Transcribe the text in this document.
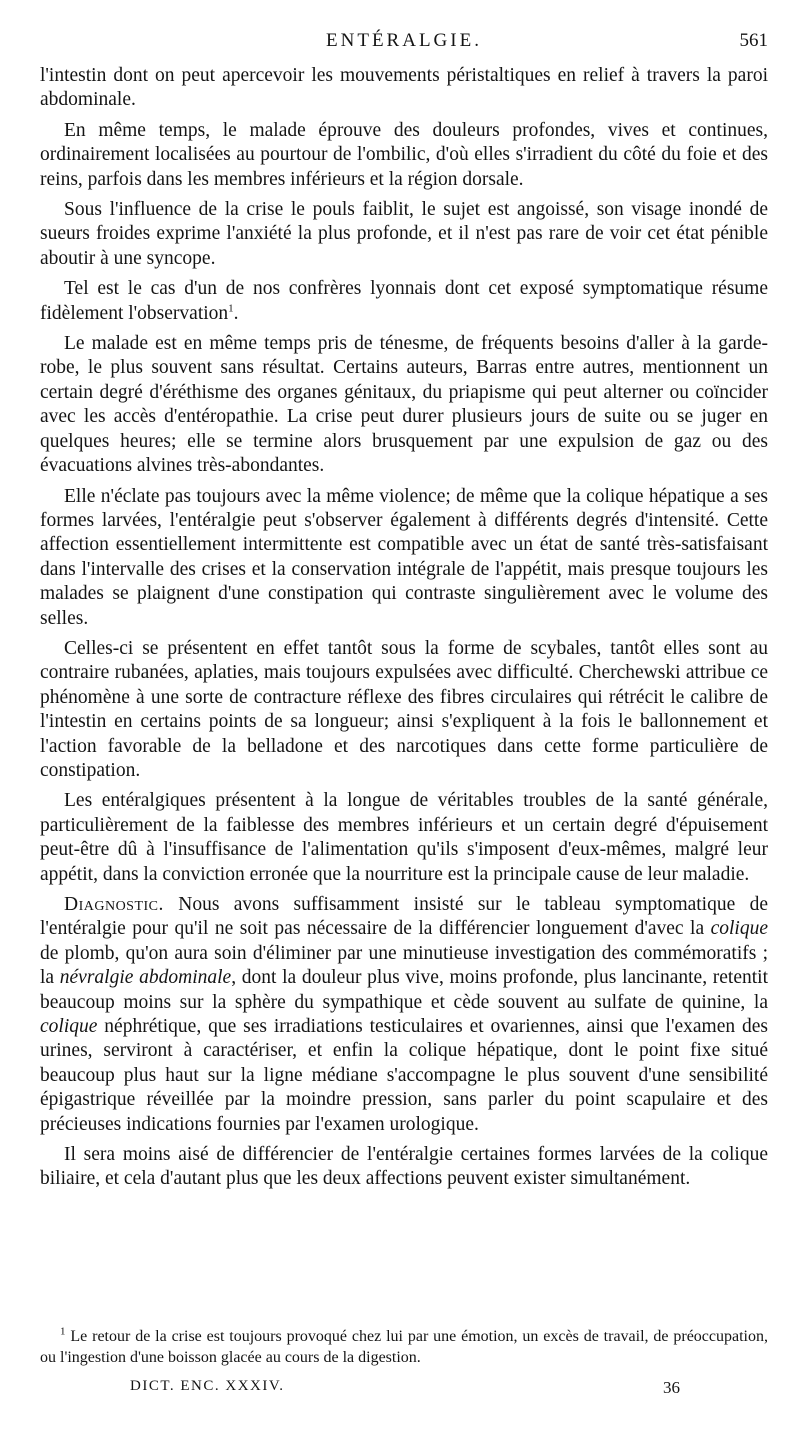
ENTÉRALGIE.	561

l'intestin dont on peut apercevoir les mouvements péristaltiques en relief à travers la paroi abdominale.

En même temps, le malade éprouve des douleurs profondes, vives et continues, ordinairement localisées au pourtour de l'ombilic, d'où elles s'irradient du côté du foie et des reins, parfois dans les membres inférieurs et la région dorsale.

Sous l'influence de la crise le pouls faiblit, le sujet est angoissé, son visage inondé de sueurs froides exprime l'anxiété la plus profonde, et il n'est pas rare de voir cet état pénible aboutir à une syncope.

Tel est le cas d'un de nos confrères lyonnais dont cet exposé symptomatique résume fidèlement l'observation$^1$.

Le malade est en même temps pris de ténesme, de fréquents besoins d'aller à la garde-robe, le plus souvent sans résultat. Certains auteurs, Barras entre autres, mentionnent un certain degré d'éréthisme des organes génitaux, du priapisme qui peut alterner ou coïncider avec les accès d'entéropathie. La crise peut durer plusieurs jours de suite ou se juger en quelques heures; elle se termine alors brusquement par une expulsion de gaz ou des évacuations alvines très-abondantes.

Elle n'éclate pas toujours avec la même violence; de même que la colique hépatique a ses formes larvées, l'entéralgie peut s'observer également à différents degrés d'intensité. Cette affection essentiellement intermittente est compatible avec un état de santé très-satisfaisant dans l'intervalle des crises et la conservation intégrale de l'appétit, mais presque toujours les malades se plaignent d'une constipation qui contraste singulièrement avec le volume des selles.

Celles-ci se présentent en effet tantôt sous la forme de scybales, tantôt elles sont au contraire rubanées, aplaties, mais toujours expulsées avec difficulté. Cherchewski attribue ce phénomène à une sorte de contracture réflexe des fibres circulaires qui rétrécit le calibre de l'intestin en certains points de sa longueur; ainsi s'expliquent à la fois le ballonnement et l'action favorable de la belladone et des narcotiques dans cette forme particulière de constipation.

Les entéralgiques présentent à la longue de véritables troubles de la santé générale, particulièrement de la faiblesse des membres inférieurs et un certain degré d'épuisement peut-être dû à l'insuffisance de l'alimentation qu'ils s'imposent d'eux-mêmes, malgré leur appétit, dans la conviction erronée que la nourriture est la principale cause de leur maladie.

Diagnostic. Nous avons suffisamment insisté sur le tableau symptomatique de l'entéralgie pour qu'il ne soit pas nécessaire de la différencier longuement d'avec la colique de plomb, qu'on aura soin d'éliminer par une minutieuse investigation des commémoratifs ; la névralgie abdominale, dont la douleur plus vive, moins profonde, plus lancinante, retentit beaucoup moins sur la sphère du sympathique et cède souvent au sulfate de quinine, la colique néphrétique, que ses irradiations testiculaires et ovariennes, ainsi que l'examen des urines, serviront à caractériser, et enfin la colique hépatique, dont le point fixe situé beaucoup plus haut sur la ligne médiane s'accompagne le plus souvent d'une sensibilité épigastrique réveillée par la moindre pression, sans parler du point scapulaire et des précieuses indications fournies par l'examen urologique.

Il sera moins aisé de différencier de l'entéralgie certaines formes larvées de la colique biliaire, et cela d'autant plus que les deux affections peuvent exister simultanément.

$^1$ Le retour de la crise est toujours provoqué chez lui par une émotion, un excès de travail, de préoccupation, ou l'ingestion d'une boisson glacée au cours de la digestion.

DICT. ENC. XXXIV.	36
